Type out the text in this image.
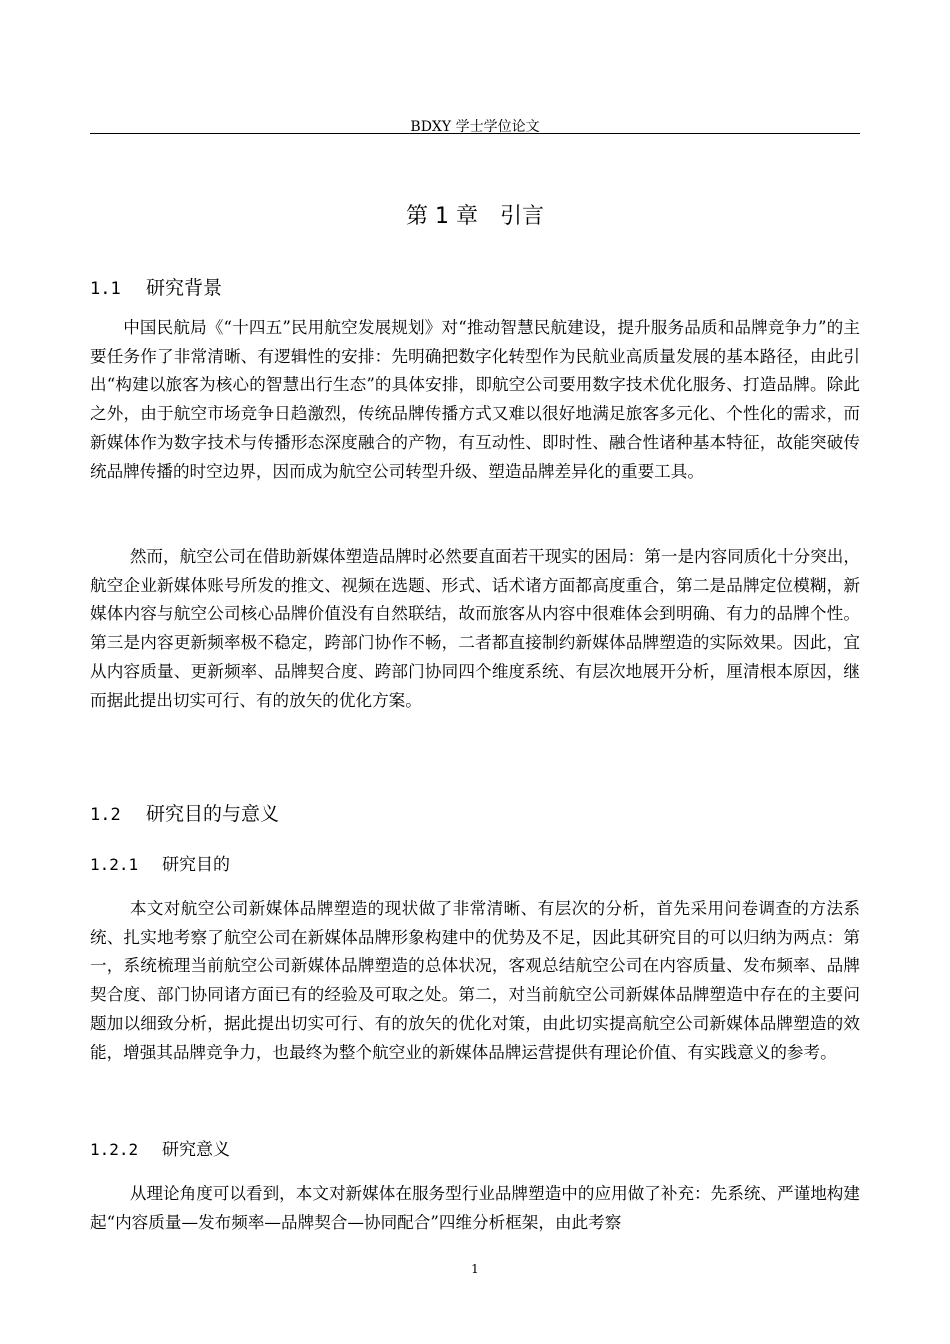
BDXY 学士学位论文
第 1 章 引言
1.1 研究背景

中国民航局《“十四五”民用航空发展规划》对“推动智慧民航建设，提升服务品质和品牌竞争力”的主要任务作了非常清晰、有逻辑性的安排：先明确把数字化转型作为民航业高质量发展的基本路径，由此引出“构建以旅客为核心的智慧出行生态”的具体安排，即航空公司要用数字技术优化服务、打造品牌。除此之外，由于航空市场竞争日趋激烈，传统品牌传播方式又难以很好地满足旅客多元化、个性化的需求，而新媒体作为数字技术与传播形态深度融合的产物，有互动性、即时性、融合性诸种基本特征，故能突破传统品牌传播的时空边界，因而成为航空公司转型升级、塑造品牌差异化的重要工具。

然而，航空公司在借助新媒体塑造品牌时必然要直面若干现实的困局：第一是内容同质化十分突出，航空企业新媒体账号所发的推文、视频在选题、形式、话术诸方面都高度重合，第二是品牌定位模糊，新媒体内容与航空公司核心品牌价值没有自然联结，故而旅客从内容中很难体会到明确、有力的品牌个性。第三是内容更新频率极不稳定，跨部门协作不畅，二者都直接制约新媒体品牌塑造的实际效果。因此，宜从内容质量、更新频率、品牌契合度、跨部门协同四个维度系统、有层次地展开分析，厘清根本原因，继而据此提出切实可行、有的放矢的优化方案。

1.2 研究目的与意义
1.2.1 研究目的

本文对航空公司新媒体品牌塑造的现状做了非常清晰、有层次的分析，首先采用问卷调查的方法系统、扎实地考察了航空公司在新媒体品牌形象构建中的优势及不足，因此其研究目的可以归纳为两点：第一，系统梳理当前航空公司新媒体品牌塑造的总体状况，客观总结航空公司在内容质量、发布频率、品牌契合度、部门协同诸方面已有的经验及可取之处。第二，对当前航空公司新媒体品牌塑造中存在的主要问题加以细致分析，据此提出切实可行、有的放矢的优化对策，由此切实提高航空公司新媒体品牌塑造的效能，增强其品牌竞争力，也最终为整个航空业的新媒体品牌运营提供有理论价值、有实践意义的参考。

1.2.2 研究意义

从理论角度可以看到，本文对新媒体在服务型行业品牌塑造中的应用做了补充：先系统、严谨地构建起“内容质量—发布频率—品牌契合—协同配合”四维分析框架，由此考察

1
